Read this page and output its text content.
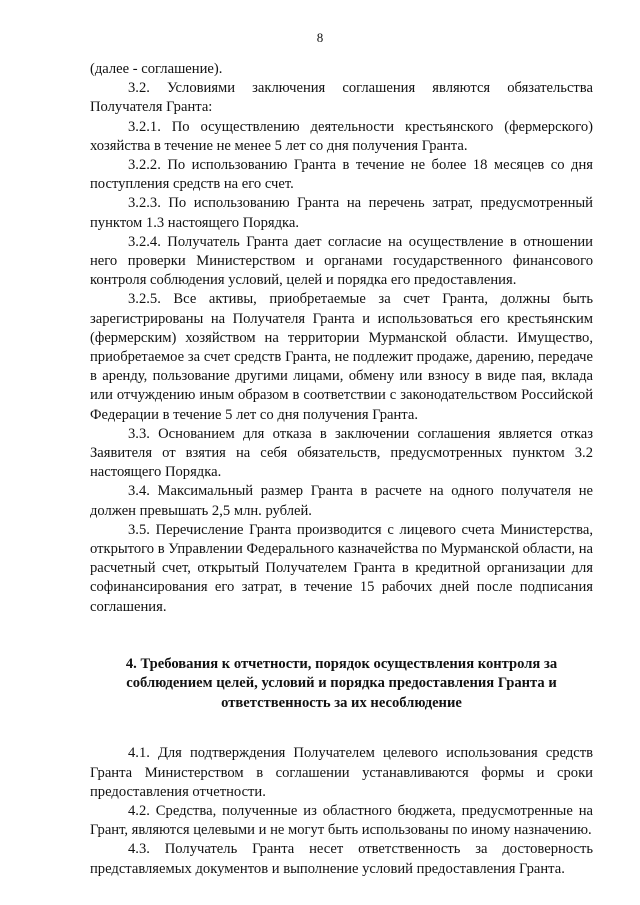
8

(далее - соглашение).

3.2. Условиями заключения соглашения являются обязательства Получателя Гранта:

3.2.1. По осуществлению деятельности крестьянского (фермерского) хозяйства в течение не менее 5 лет со дня получения Гранта.

3.2.2. По использованию Гранта в течение не более 18 месяцев со дня поступления средств на его счет.

3.2.3. По использованию Гранта на перечень затрат, предусмотренный пунктом 1.3 настоящего Порядка.

3.2.4. Получатель Гранта дает согласие на осуществление в отношении него проверки Министерством и органами государственного финансового контроля соблюдения условий, целей и порядка его предоставления.

3.2.5. Все активы, приобретаемые за счет Гранта, должны быть зарегистрированы на Получателя Гранта и использоваться его крестьянским (фермерским) хозяйством на территории Мурманской области. Имущество, приобретаемое за счет средств Гранта, не подлежит продаже, дарению, передаче в аренду, пользование другими лицами, обмену или взносу в виде пая, вклада или отчуждению иным образом в соответствии с законодательством Российской Федерации в течение 5 лет со дня получения Гранта.

3.3. Основанием для отказа в заключении соглашения является отказ Заявителя от взятия на себя обязательств, предусмотренных пунктом 3.2 настоящего Порядка.

3.4. Максимальный размер Гранта в расчете на одного получателя не должен превышать 2,5 млн. рублей.

3.5. Перечисление Гранта производится с лицевого счета Министерства, открытого в Управлении Федерального казначейства по Мурманской области, на расчетный счет, открытый Получателем Гранта в кредитной организации для софинансирования его затрат, в течение 15 рабочих дней после подписания соглашения.

4. Требования к отчетности, порядок осуществления контроля за
соблюдением целей, условий и порядка предоставления Гранта и
ответственность за их несоблюдение

4.1. Для подтверждения Получателем целевого использования средств Гранта Министерством в соглашении устанавливаются формы и сроки предоставления отчетности.

4.2. Средства, полученные из областного бюджета, предусмотренные на Грант, являются целевыми и не могут быть использованы по иному назначению.

4.3. Получатель Гранта несет ответственность за достоверность представляемых документов и выполнение условий предоставления Гранта.
